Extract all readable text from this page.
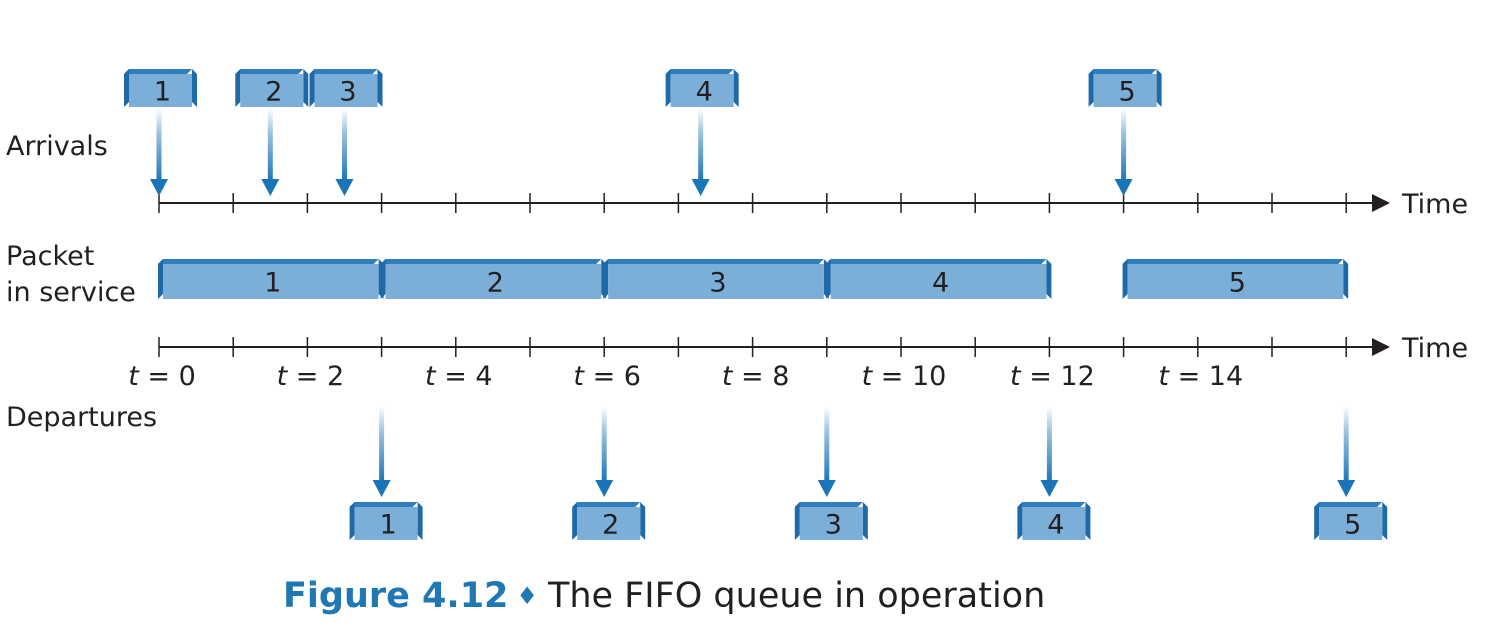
t = 0	t = 2	t = 4	t = 6	t = 8	t = 10 t = 12 t = 14
1	2 3	4	5
1	2	3	4	5
1	2	3	4	5
Time
Time
Arrivals
Packet
in service
Departures
Figure 4.12 ♦ The FIFO queue in operation
